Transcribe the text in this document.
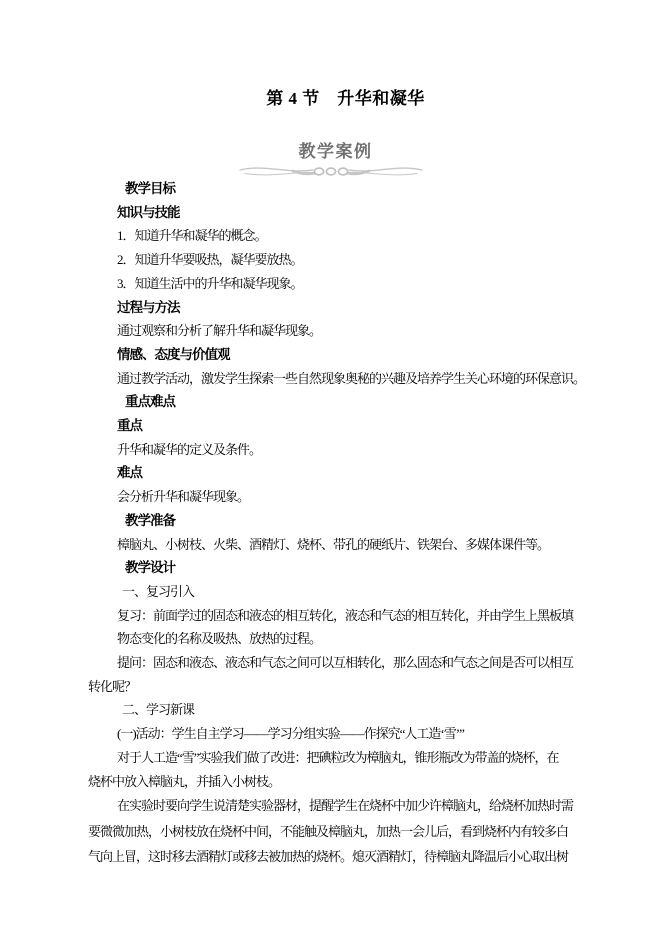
第 4 节　升华和凝华
教学案例
教学目标
知识与技能
1．知道升华和凝华的概念。
2．知道升华要吸热，凝华要放热。
3．知道生活中的升华和凝华现象。
过程与方法
通过观察和分析了解升华和凝华现象。
情感、态度与价值观
通过教学活动，激发学生探索一些自然现象奥秘的兴趣及培养学生关心环境的环保意识。
重点难点
重点
升华和凝华的定义及条件。
难点
会分析升华和凝华现象。
教学准备
樟脑丸、小树枝、火柴、酒精灯、烧杯、带孔的硬纸片、铁架台、多媒体课件等。
教学设计
一、复习引入
复习：前面学过的固态和液态的相互转化，液态和气态的相互转化，并由学生上黑板填
物态变化的名称及吸热、放热的过程。
提问：固态和液态、液态和气态之间可以互相转化，那么固态和气态之间是否可以相互
转化呢？
二、学习新课
(一)活动：学生自主学习——学习分组实验——作探究“人工造‘雪’”
对于人工造“雪”实验我们做了改进：把碘粒改为樟脑丸，锥形瓶改为带盖的烧杯，在
烧杯中放入樟脑丸，并插入小树枝。
在实验时要向学生说清楚实验器材，提醒学生在烧杯中加少许樟脑丸，给烧杯加热时需
要微微加热，小树枝放在烧杯中间，不能触及樟脑丸，加热一会儿后，看到烧杯内有较多白
气向上冒，这时移去酒精灯或移去被加热的烧杯。熄灭酒精灯，待樟脑丸降温后小心取出树
